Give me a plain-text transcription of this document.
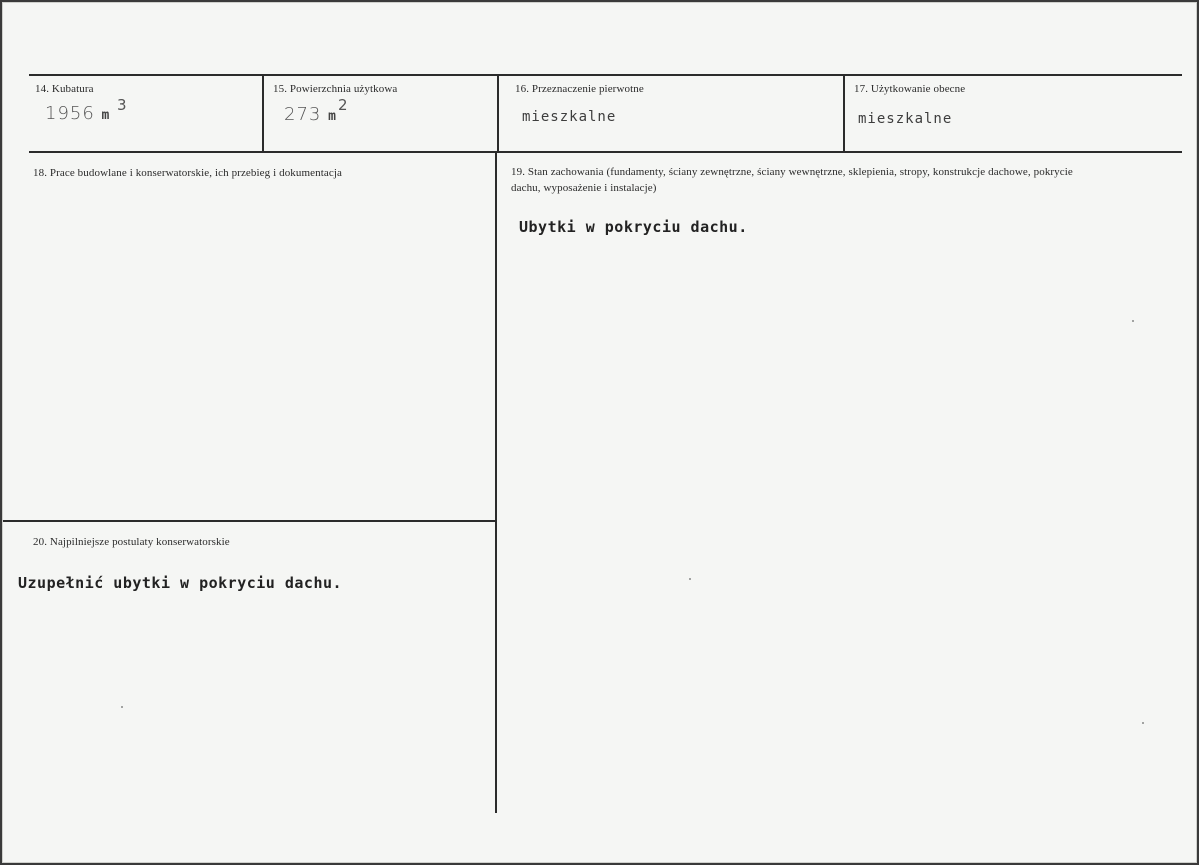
14. Kubatura
1956 m
3
15. Powierzchnia użytkowa
273 m
2
16. Przeznaczenie pierwotne
mieszkalne
17. Użytkowanie obecne
mieszkalne
18. Prace budowlane i konserwatorskie, ich przebieg i dokumentacja	19. Stan zachowania (fundamenty, ściany zewnętrzne, ściany wewnętrzne, sklepienia, stropy, konstrukcje dachowe, pokrycie dachu, wyposażenie i instalacje)
Ubytki w pokryciu dachu.
20. Najpilniejsze postulaty konserwatorskie
Uzupełnić ubytki w pokryciu dachu.
